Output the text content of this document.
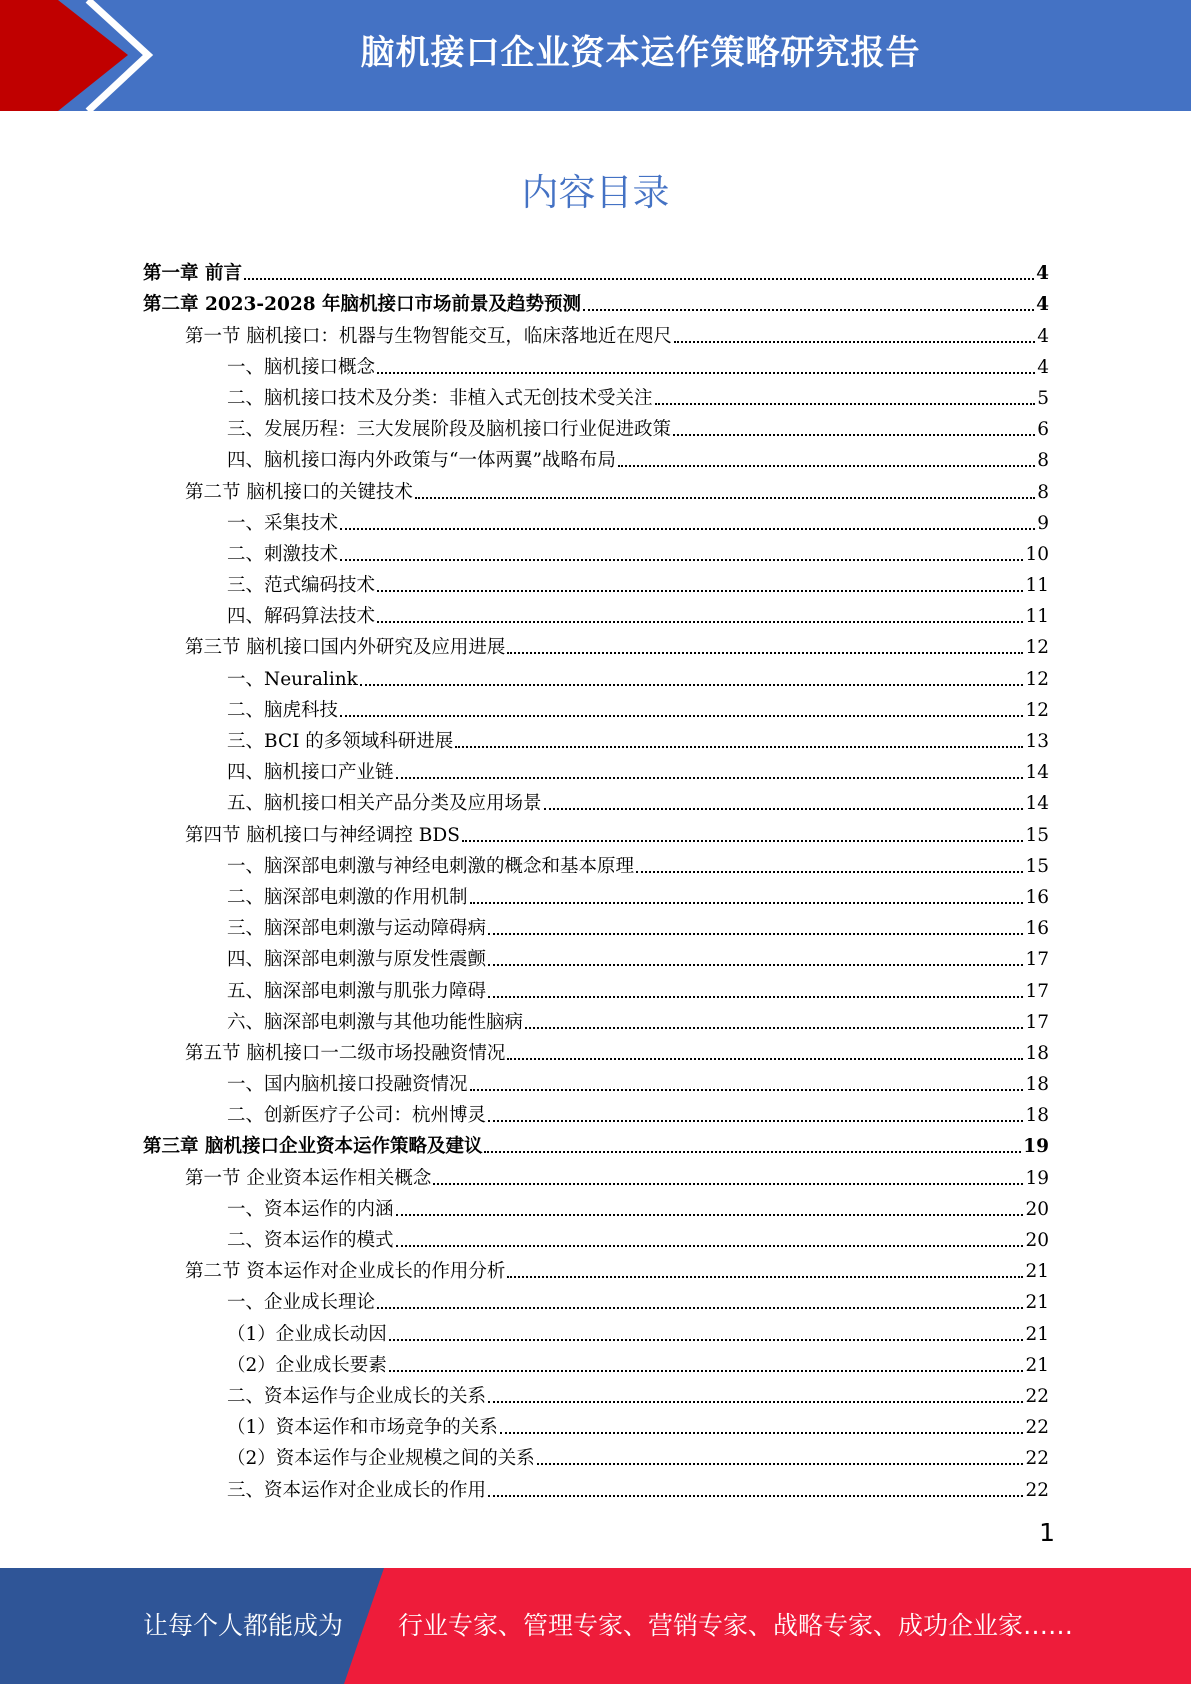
脑机接口企业资本运作策略研究报告
内容目录
第一章 前言	4
第二章 2023-2028 年脑机接口市场前景及趋势预测	4
第一节 脑机接口：机器与生物智能交互，临床落地近在咫尺	4
一、脑机接口概念	4
二、脑机接口技术及分类：非植入式无创技术受关注	5
三、发展历程：三大发展阶段及脑机接口行业促进政策	6
四、脑机接口海内外政策与“一体两翼”战略布局	8
第二节 脑机接口的关键技术	8
一、采集技术	9
二、刺激技术	10
三、范式编码技术	11
四、解码算法技术	11
第三节 脑机接口国内外研究及应用进展	12
一、Neuralink	12
二、脑虎科技	12
三、BCI 的多领域科研进展	13
四、脑机接口产业链	14
五、脑机接口相关产品分类及应用场景	14
第四节 脑机接口与神经调控 BDS	15
一、脑深部电刺激与神经电刺激的概念和基本原理	15
二、脑深部电刺激的作用机制	16
三、脑深部电刺激与运动障碍病	16
四、脑深部电刺激与原发性震颤	17
五、脑深部电刺激与肌张力障碍	17
六、脑深部电刺激与其他功能性脑病	17
第五节 脑机接口一二级市场投融资情况	18
一、国内脑机接口投融资情况	18
二、创新医疗子公司：杭州博灵	18
第三章 脑机接口企业资本运作策略及建议	19
第一节 企业资本运作相关概念	19
一、资本运作的内涵	20
二、资本运作的模式	20
第二节 资本运作对企业成长的作用分析	21
一、企业成长理论	21
（1）企业成长动因	21
（2）企业成长要素	21
二、资本运作与企业成长的关系	22
（1）资本运作和市场竞争的关系	22
（2）资本运作与企业规模之间的关系	22
三、资本运作对企业成长的作用	22
1
让每个人都能成为 行业专家、管理专家、营销专家、战略专家、成功企业家……
